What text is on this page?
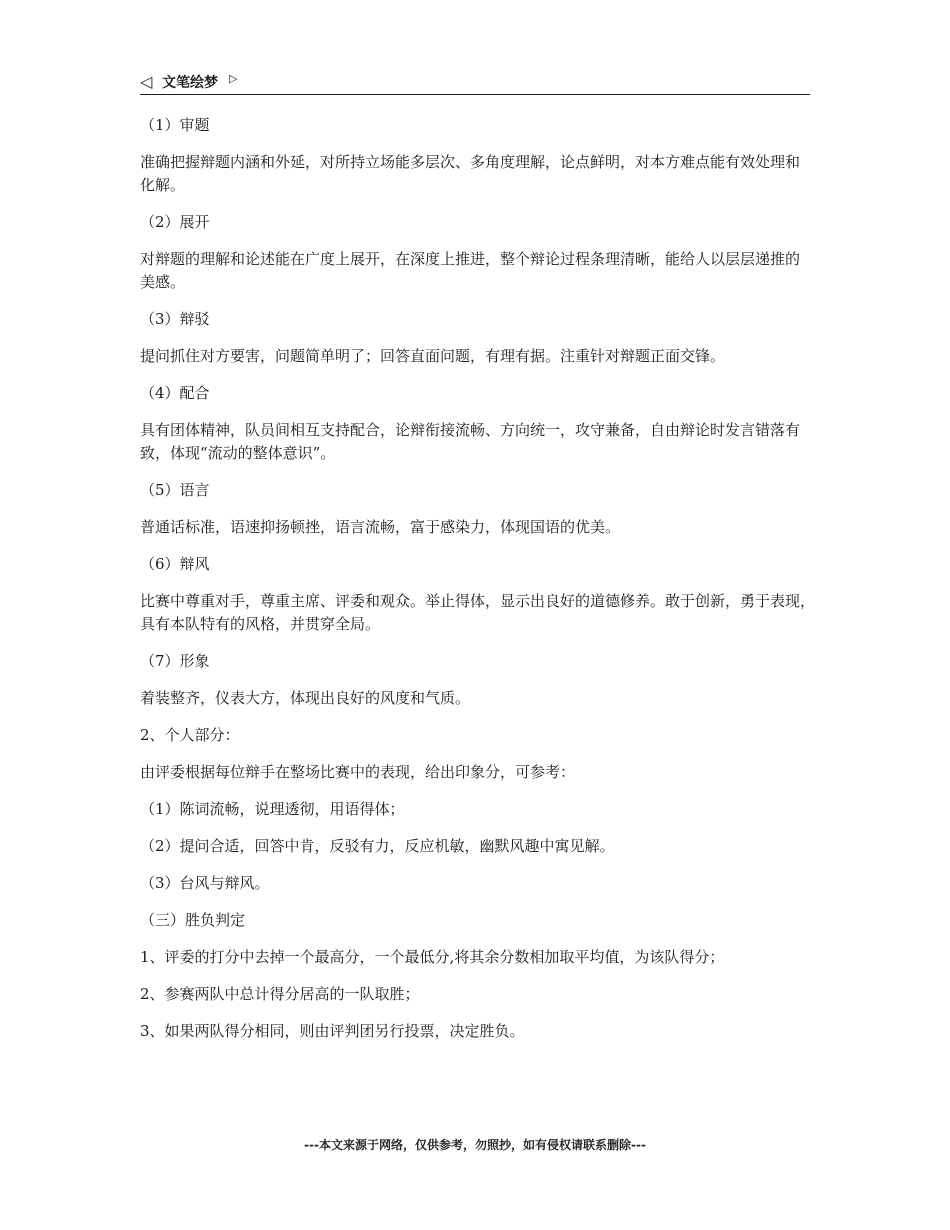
◁ 文笔绘梦 ▷

（1）审题

准确把握辩题内涵和外延，对所持立场能多层次、多角度理解，论点鲜明，对本方难点能有效处理和化解。

（2）展开

对辩题的理解和论述能在广度上展开，在深度上推进，整个辩论过程条理清晰，能给人以层层递推的美感。

（3）辩驳

提问抓住对方要害，问题简单明了；回答直面问题，有理有据。注重针对辩题正面交锋。

（4）配合

具有团体精神，队员间相互支持配合，论辩衔接流畅、方向统一，攻守兼备，自由辩论时发言错落有致，体现“流动的整体意识”。

（5）语言

普通话标准，语速抑扬顿挫，语言流畅，富于感染力，体现国语的优美。

（6）辩风

比赛中尊重对手，尊重主席、评委和观众。举止得体，显示出良好的道德修养。敢于创新，勇于表现，具有本队特有的风格，并贯穿全局。

（7）形象

着装整齐，仪表大方，体现出良好的风度和气质。

2、个人部分：

由评委根据每位辩手在整场比赛中的表现，给出印象分，可参考：

（1）陈词流畅，说理透彻，用语得体；

（2）提问合适，回答中肯，反驳有力，反应机敏，幽默风趣中寓见解。

（3）台风与辩风。

（三）胜负判定

1、评委的打分中去掉一个最高分，一个最低分,将其余分数相加取平均值，为该队得分；

2、参赛两队中总计得分居高的一队取胜；

3、如果两队得分相同，则由评判团另行投票，决定胜负。

---本文来源于网络，仅供参考，勿照抄，如有侵权请联系删除---
